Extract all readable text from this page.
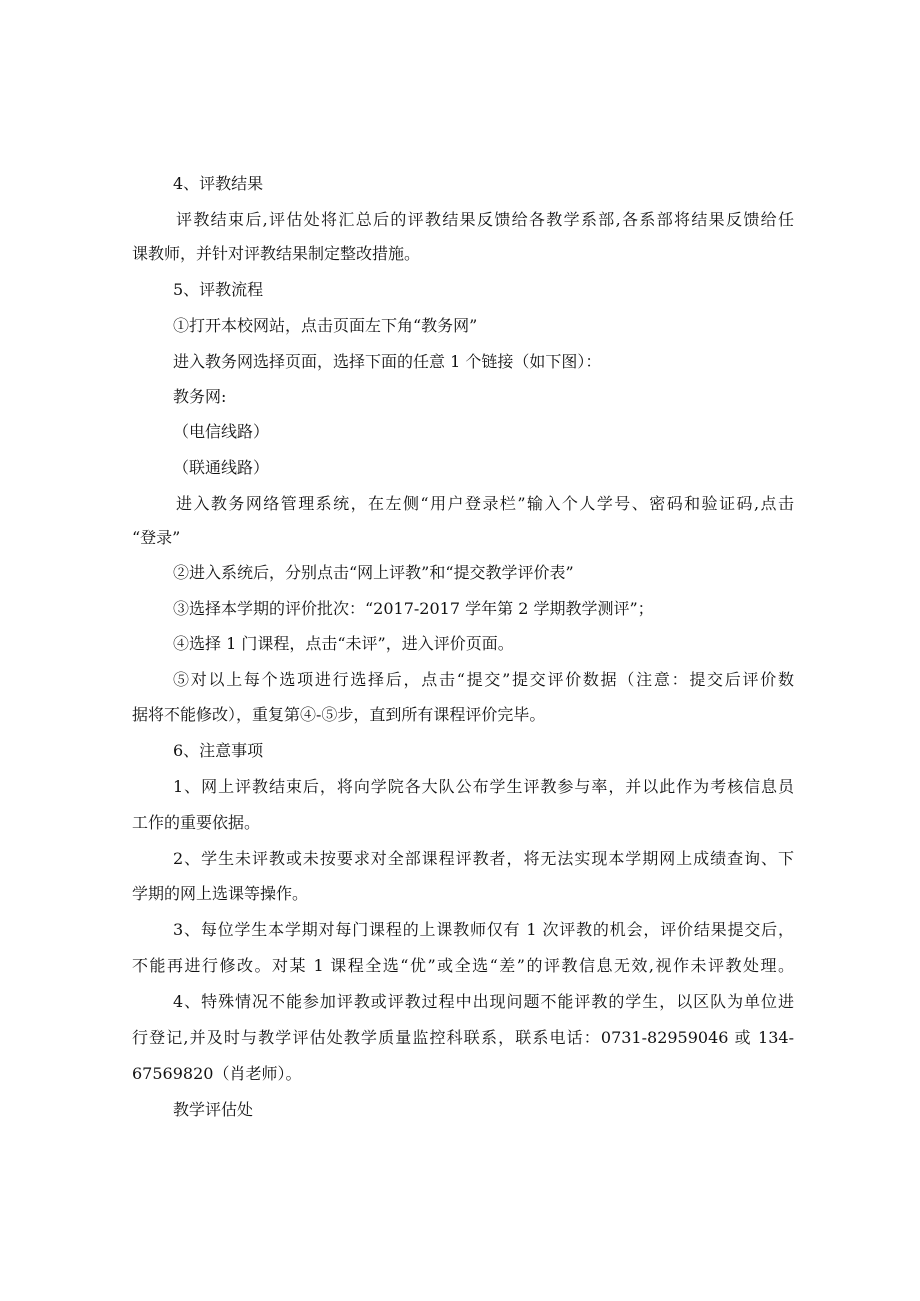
4、评教结果
评教结束后,评估处将汇总后的评教结果反馈给各教学系部,各系部将结果反馈给任
课教师，并针对评教结果制定整改措施。
5、评教流程
①打开本校网站，点击页面左下角“教务网”
进入教务网选择页面，选择下面的任意 1 个链接（如下图）：
教务网:
（电信线路）
（联通线路）
进入教务网络管理系统，在左侧“用户登录栏”输入个人学号、密码和验证码,点击
“登录”
②进入系统后，分别点击“网上评教”和“提交教学评价表”
③选择本学期的评价批次：“2017-2017 学年第 2 学期教学测评”；
④选择 1 门课程，点击“未评”，进入评价页面。
⑤对以上每个选项进行选择后，点击“提交”提交评价数据（注意：提交后评价数
据将不能修改），重复第④-⑤步，直到所有课程评价完毕。
6、注意事项
1、网上评教结束后，将向学院各大队公布学生评教参与率，并以此作为考核信息员
工作的重要依据。
2、学生未评教或未按要求对全部课程评教者，将无法实现本学期网上成绩查询、下
学期的网上选课等操作。
3、每位学生本学期对每门课程的上课教师仅有 1 次评教的机会，评价结果提交后，
不能再进行修改。对某 1 课程全选“优”或全选“差”的评教信息无效,视作未评教处理。
4、特殊情况不能参加评教或评教过程中出现问题不能评教的学生，以区队为单位进
行登记,并及时与教学评估处教学质量监控科联系，联系电话：0731-82959046 或 134-
67569820（肖老师）。
教学评估处
